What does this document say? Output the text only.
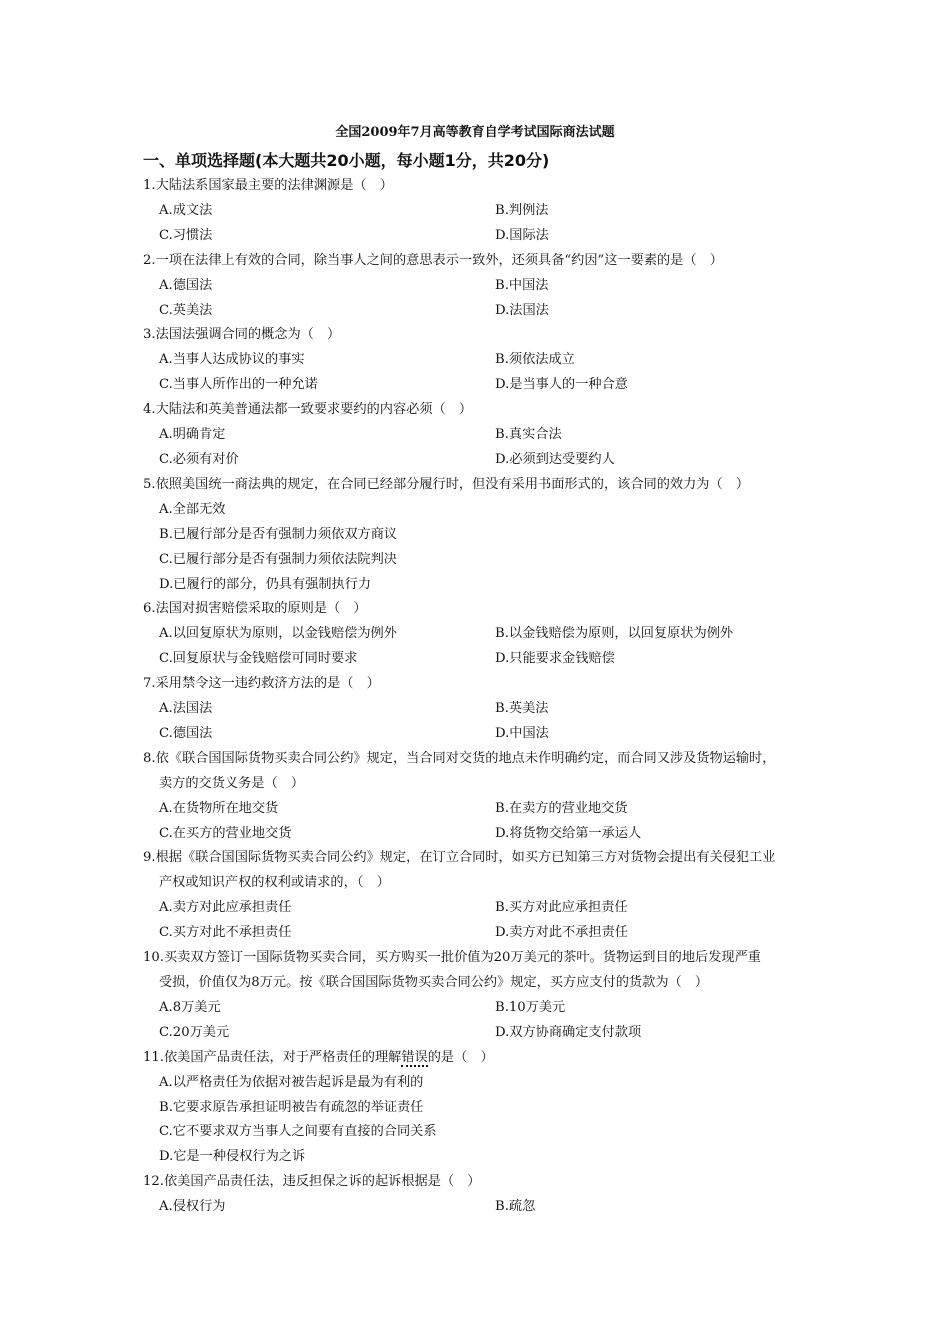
全国2009年7月高等教育自学考试国际商法试题
一、单项选择题(本大题共20小题，每小题1分，共20分)
1.大陆法系国家最主要的法律渊源是（　）
A.成文法	B.判例法
C.习惯法	D.国际法
2.一项在法律上有效的合同，除当事人之间的意思表示一致外，还须具备“约因”这一要素的是（　）
A.德国法	B.中国法
C.英美法	D.法国法
3.法国法强调合同的概念为（　）
A.当事人达成协议的事实	B.须依法成立
C.当事人所作出的一种允诺	D.是当事人的一种合意
4.大陆法和英美普通法都一致要求要约的内容必须（　）
A.明确肯定	B.真实合法
C.必须有对价	D.必须到达受要约人
5.依照美国统一商法典的规定，在合同已经部分履行时，但没有采用书面形式的，该合同的效力为（　）
A.全部无效
B.已履行部分是否有强制力须依双方商议
C.已履行部分是否有强制力须依法院判决
D.已履行的部分，仍具有强制执行力
6.法国对损害赔偿采取的原则是（　）
A.以回复原状为原则，以金钱赔偿为例外	B.以金钱赔偿为原则，以回复原状为例外
C.回复原状与金钱赔偿可同时要求	D.只能要求金钱赔偿
7.采用禁令这一违约救济方法的是（　）
A.法国法	B.英美法
C.德国法	D.中国法
8.依《联合国国际货物买卖合同公约》规定，当合同对交货的地点未作明确约定，而合同又涉及货物运输时，
卖方的交货义务是（　）
A.在货物所在地交货	B.在卖方的营业地交货
C.在买方的营业地交货	D.将货物交给第一承运人
9.根据《联合国国际货物买卖合同公约》规定，在订立合同时，如买方已知第三方对货物会提出有关侵犯工业
产权或知识产权的权利或请求的，（　）
A.卖方对此应承担责任	B.买方对此应承担责任
C.买方对此不承担责任	D.卖方对此不承担责任
10.买卖双方签订一国际货物买卖合同，买方购买一批价值为20万美元的茶叶。货物运到目的地后发现严重
受损，价值仅为8万元。按《联合国国际货物买卖合同公约》规定，买方应支付的货款为（　）
A.8万美元	B.10万美元
C.20万美元	D.双方协商确定支付款项
11.依美国产品责任法，对于严格责任的理解错误的是（　）
A.以严格责任为依据对被告起诉是最为有利的
B.它要求原告承担证明被告有疏忽的举证责任
C.它不要求双方当事人之间要有直接的合同关系
D.它是一种侵权行为之诉
12.依美国产品责任法，违反担保之诉的起诉根据是（　）
A.侵权行为	B.疏忽
